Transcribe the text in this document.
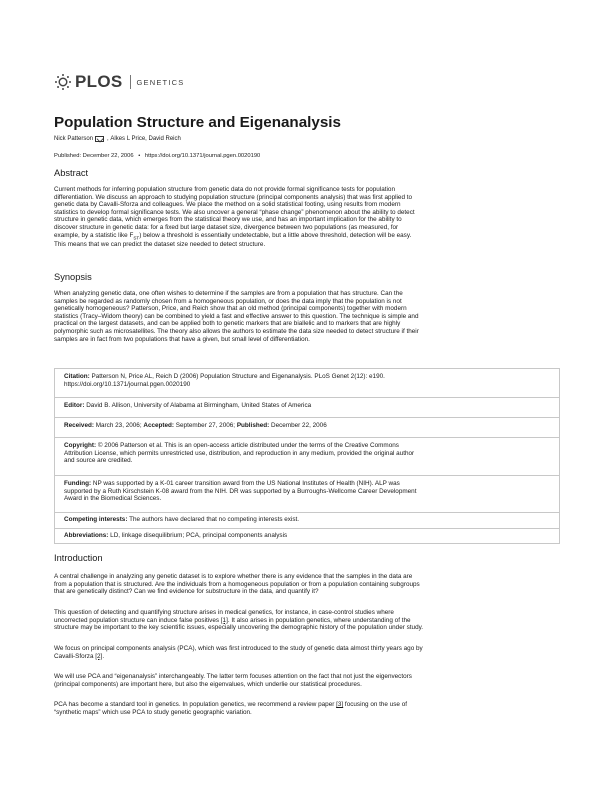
PLOS GENETICS
Population Structure and Eigenanalysis
Nick Patterson , Alkes L Price , David Reich
Published: December 22, 2006 • https://doi.org/10.1371/journal.pgen.0020190
Abstract
Current methods for inferring population structure from genetic data do not provide formal significance tests for population
differentiation. We discuss an approach to studying population structure (principal components analysis) that was first applied to
genetic data by Cavalli-Sforza and colleagues. We place the method on a solid statistical footing, using results from modern
statistics to develop formal significance tests. We also uncover a general “phase change” phenomenon about the ability to detect
structure in genetic data, which emerges from the statistical theory we use, and has an important implication for the ability to
discover structure in genetic data: for a fixed but large dataset size, divergence between two populations (as measured, for
example, by a statistic like $F_{ST}$) below a threshold is essentially undetectable, but a little above threshold, detection will be easy.
This means that we can predict the dataset size needed to detect structure.
Synopsis
When analyzing genetic data, one often wishes to determine if the samples are from a population that has structure. Can the
samples be regarded as randomly chosen from a homogeneous population, or does the data imply that the population is not
genetically homogeneous? Patterson, Price, and Reich show that an old method (principal components) together with modern
statistics (Tracy–Widom theory) can be combined to yield a fast and effective answer to this question. The technique is simple and
practical on the largest datasets, and can be applied both to genetic markers that are biallelic and to markers that are highly
polymorphic such as microsatellites. The theory also allows the authors to estimate the data size needed to detect structure if their
samples are in fact from two populations that have a given, but small level of differentiation.
Citation: Patterson N, Price AL, Reich D (2006) Population Structure and Eigenanalysis. PLoS Genet 2(12): e190.
https://doi.org/10.1371/journal.pgen.0020190
Editor: David B. Allison, University of Alabama at Birmingham, United States of America
Received: March 23, 2006; Accepted: September 27, 2006; Published: December 22, 2006
Copyright: © 2006 Patterson et al. This is an open-access article distributed under the terms of the Creative Commons
Attribution License, which permits unrestricted use, distribution, and reproduction in any medium, provided the original author
and source are credited.
Funding: NP was supported by a K-01 career transition award from the US National Institutes of Health (NIH). ALP was
supported by a Ruth Kirschstein K-08 award from the NIH. DR was supported by a Burroughs-Wellcome Career Development
Award in the Biomedical Sciences.
Competing interests: The authors have declared that no competing interests exist.
Abbreviations: LD, linkage disequilibrium; PCA, principal components analysis
Introduction
A central challenge in analyzing any genetic dataset is to explore whether there is any evidence that the samples in the data are
from a population that is structured. Are the individuals from a homogeneous population or from a population containing subgroups
that are genetically distinct? Can we find evidence for substructure in the data, and quantify it?
This question of detecting and quantifying structure arises in medical genetics, for instance, in case-control studies where
uncorrected population structure can induce false positives [1]. It also arises in population genetics, where understanding of the
structure may be important to the key scientific issues, especially uncovering the demographic history of the population under study.
We focus on principal components analysis (PCA), which was first introduced to the study of genetic data almost thirty years ago by
Cavalli-Sforza [2].
We will use PCA and “eigenanalysis” interchangeably. The latter term focuses attention on the fact that not just the eigenvectors
(principal components) are important here, but also the eigenvalues, which underlie our statistical procedures.
PCA has become a standard tool in genetics. In population genetics, we recommend a review paper [3] focusing on the use of
“synthetic maps” which use PCA to study genetic geographic variation.
